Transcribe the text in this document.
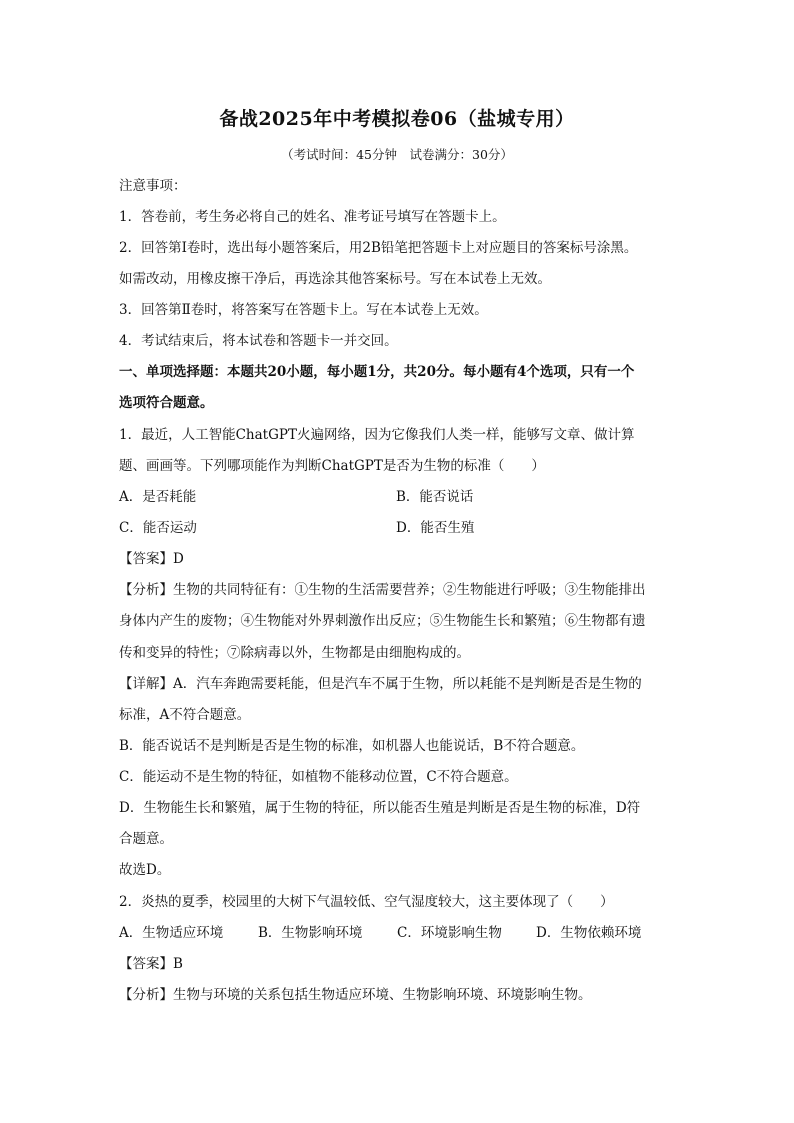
备战2025年中考模拟卷06（盐城专用）
（考试时间：45分钟　试卷满分：30分）
注意事项：
1．答卷前，考生务必将自己的姓名、准考证号填写在答题卡上。
2．回答第Ⅰ卷时，选出每小题答案后，用2B铅笔把答题卡上对应题目的答案标号涂黑。
如需改动，用橡皮擦干净后，再选涂其他答案标号。写在本试卷上无效。
3．回答第Ⅱ卷时，将答案写在答题卡上。写在本试卷上无效。
4．考试结束后，将本试卷和答题卡一并交回。
一、单项选择题：本题共20小题，每小题1分，共20分。每小题有4个选项，只有一个
选项符合题意。
1．最近，人工智能ChatGPT火遍网络，因为它像我们人类一样，能够写文章、做计算
题、画画等。下列哪项能作为判断ChatGPT是否为生物的标准（　　）
A．是否耗能	B．能否说话
C．能否运动	D．能否生殖
【答案】D
【分析】生物的共同特征有：①生物的生活需要营养；②生物能进行呼吸；③生物能排出
身体内产生的废物；④生物能对外界刺激作出反应；⑤生物能生长和繁殖；⑥生物都有遗
传和变异的特性；⑦除病毒以外，生物都是由细胞构成的。
【详解】A．汽车奔跑需要耗能，但是汽车不属于生物，所以耗能不是判断是否是生物的
标准，A不符合题意。
B．能否说话不是判断是否是生物的标准，如机器人也能说话，B不符合题意。
C．能运动不是生物的特征，如植物不能移动位置，C不符合题意。
D．生物能生长和繁殖，属于生物的特征，所以能否生殖是判断是否是生物的标准，D符
合题意。
故选D。
2．炎热的夏季，校园里的大树下气温较低、空气湿度较大，这主要体现了（　　）
A．生物适应环境	B．生物影响环境	C．环境影响生物	D．生物依赖环境
【答案】B
【分析】生物与环境的关系包括生物适应环境、生物影响环境、环境影响生物。
